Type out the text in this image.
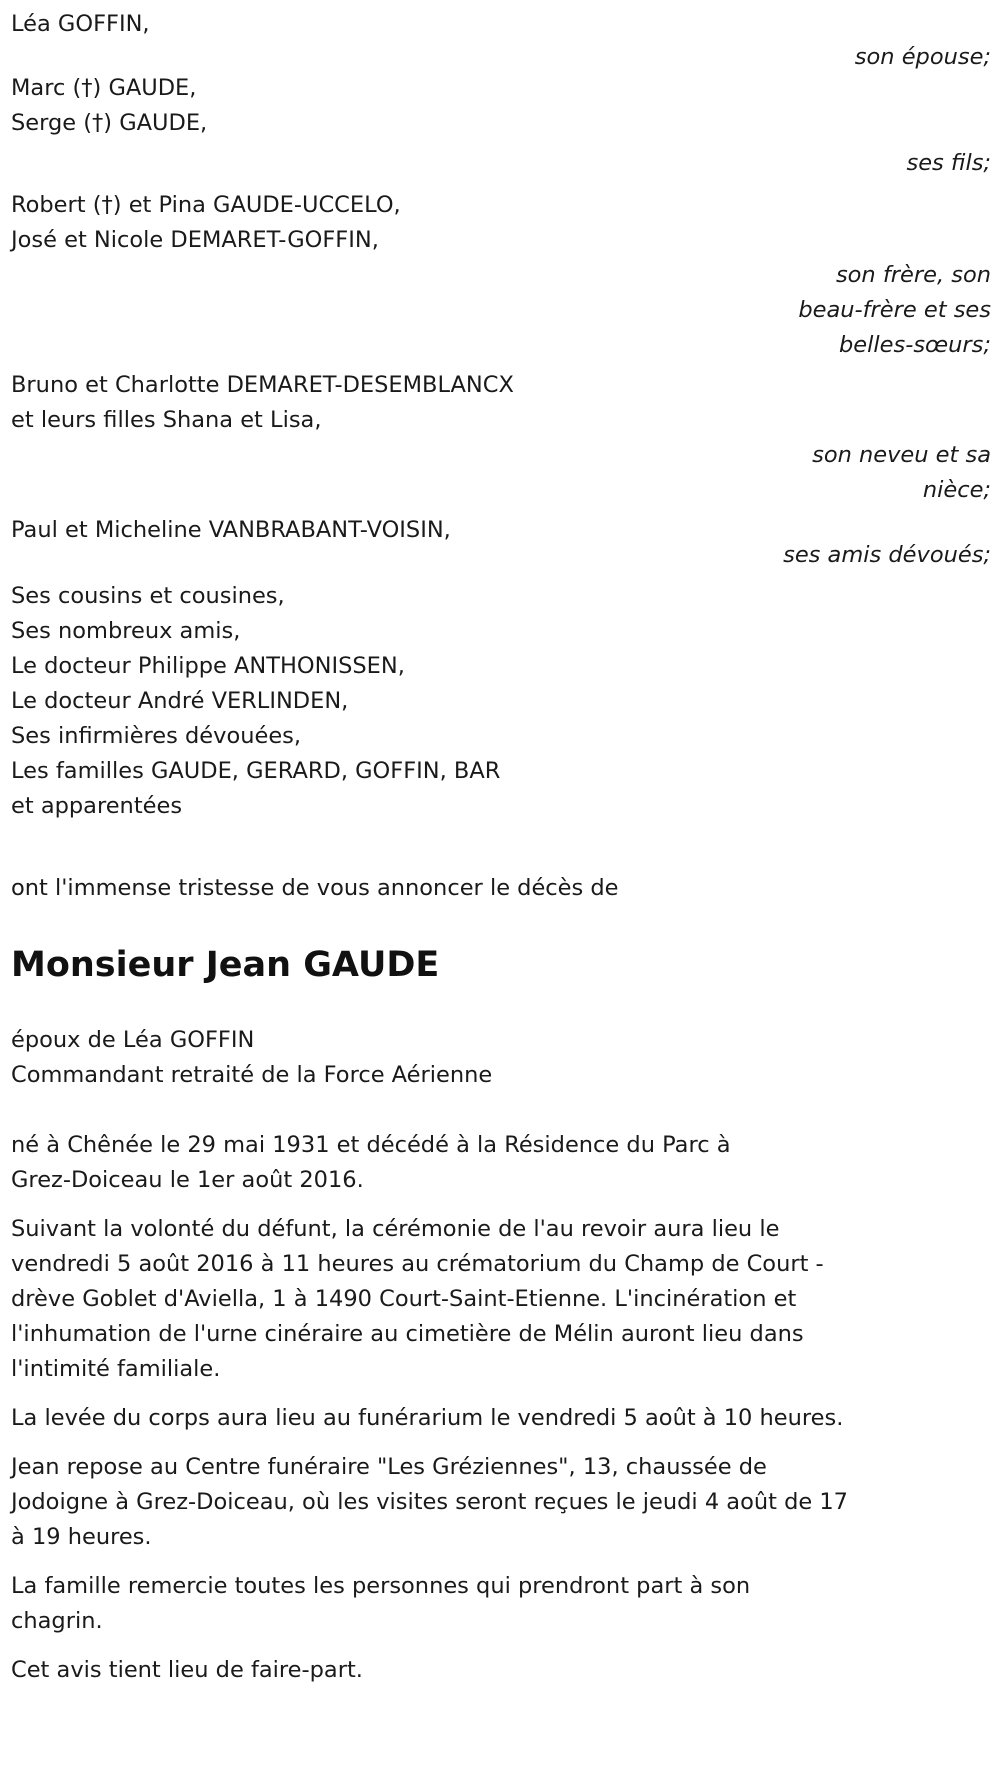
Léa GOFFIN,
son épouse;
Marc (†) GAUDE,
Serge (†) GAUDE,
ses fils;
Robert (†) et Pina GAUDE-UCCELO,
José et Nicole DEMARET-GOFFIN,
son frère, son
beau-frère et ses
belles-sœurs;
Bruno et Charlotte DEMARET-DESEMBLANCX
et leurs filles Shana et Lisa,
son neveu et sa
nièce;
Paul et Micheline VANBRABANT-VOISIN,
ses amis dévoués;
Ses cousins et cousines,
Ses nombreux amis,
Le docteur Philippe ANTHONISSEN,
Le docteur André VERLINDEN,
Ses infirmières dévouées,
Les familles GAUDE, GERARD, GOFFIN, BAR
et apparentées
ont l'immense tristesse de vous annoncer le décès de
Monsieur Jean GAUDE
époux de Léa GOFFIN
Commandant retraité de la Force Aérienne
né à Chênée le 29 mai 1931 et décédé à la Résidence du Parc à
Grez-Doiceau le 1er août 2016.
Suivant la volonté du défunt, la cérémonie de l'au revoir aura lieu le
vendredi 5 août 2016 à 11 heures au crématorium du Champ de Court -
drève Goblet d'Aviella, 1 à 1490 Court-Saint-Etienne. L'incinération et
l'inhumation de l'urne cinéraire au cimetière de Mélin auront lieu dans
l'intimité familiale.
La levée du corps aura lieu au funérarium le vendredi 5 août à 10 heures.
Jean repose au Centre funéraire "Les Gréziennes", 13, chaussée de
Jodoigne à Grez-Doiceau, où les visites seront reçues le jeudi 4 août de 17
à 19 heures.
La famille remercie toutes les personnes qui prendront part à son
chagrin.
Cet avis tient lieu de faire-part.
